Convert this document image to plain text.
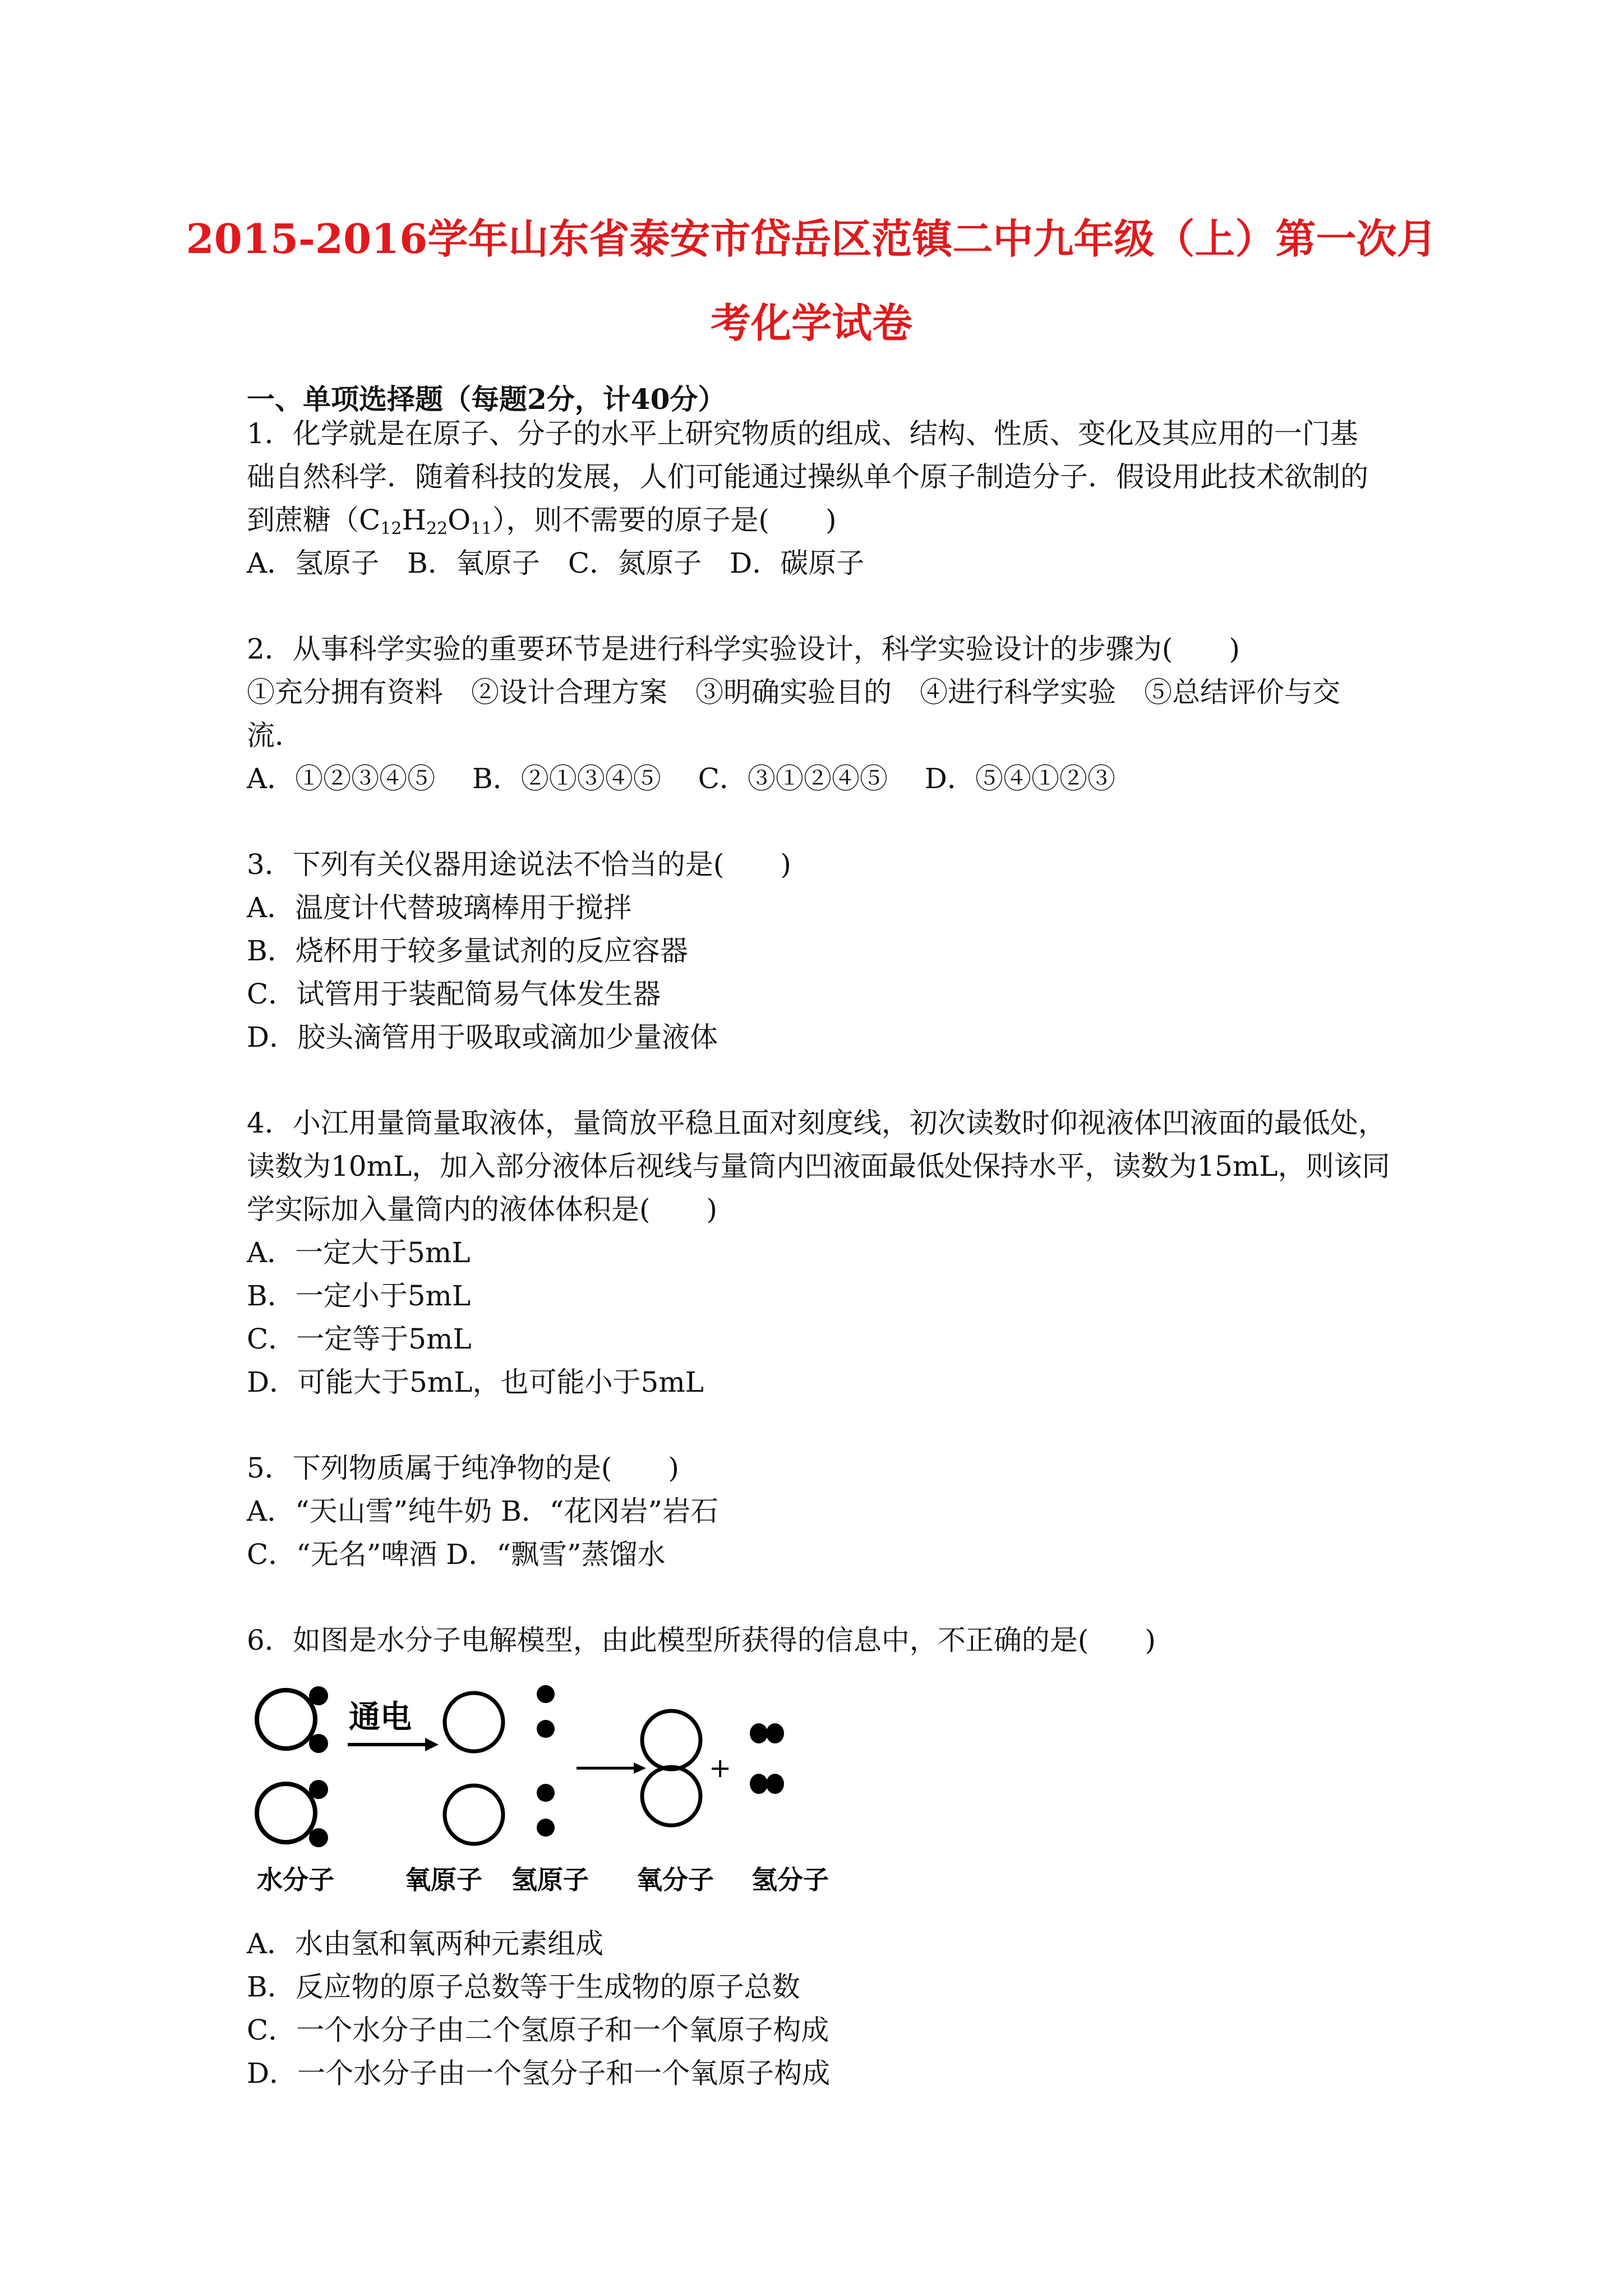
2015-2016学年山东省泰安市岱岳区范镇二中九年级（上）第一次月
考化学试卷
一、单项选择题（每题2分，计40分）
1．化学就是在原子、分子的水平上研究物质的组成、结构、性质、变化及其应用的一门基
础自然科学．随着科技的发展，人们可能通过操纵单个原子制造分子．假设用此技术欲制的
到蔗糖$(C_{12}H_{22}O_{11})$，则不需要的原子是(　　)
A．氢原子　B．氧原子　C．氮原子　D．碳原子
2．从事科学实验的重要环节是进行科学实验设计，科学实验设计的步骤为(　　)
①充分拥有资料　②设计合理方案　③明确实验目的　④进行科学实验　⑤总结评价与交
流．
A．①②③④⑤　 B．②①③④⑤　 C．③①②④⑤　 D．⑤④①②③
3．下列有关仪器用途说法不恰当的是(　　)
A．温度计代替玻璃棒用于搅拌
B．烧杯用于较多量试剂的反应容器
C．试管用于装配简易气体发生器
D．胶头滴管用于吸取或滴加少量液体
4．小江用量筒量取液体，量筒放平稳且面对刻度线，初次读数时仰视液体凹液面的最低处，
读数为10mL，加入部分液体后视线与量筒内凹液面最低处保持水平，读数为15mL，则该同
学实际加入量筒内的液体体积是(　　)
A．一定大于5mL
B．一定小于5mL
C．一定等于5mL
D．可能大于5mL，也可能小于5mL
5．下列物质属于纯净物的是(　　)
A．“天山雪”纯牛奶 B．“花冈岩”岩石
C．“无名”啤酒 D．“飘雪”蒸馏水
6．如图是水分子电解模型，由此模型所获得的信息中，不正确的是(　　)
通电
+
水分子	氧原子 氢原子 氧分子 氢分子
A．水由氢和氧两种元素组成
B．反应物的原子总数等于生成物的原子总数
C．一个水分子由二个氢原子和一个氧原子构成
D．一个水分子由一个氢分子和一个氧原子构成
